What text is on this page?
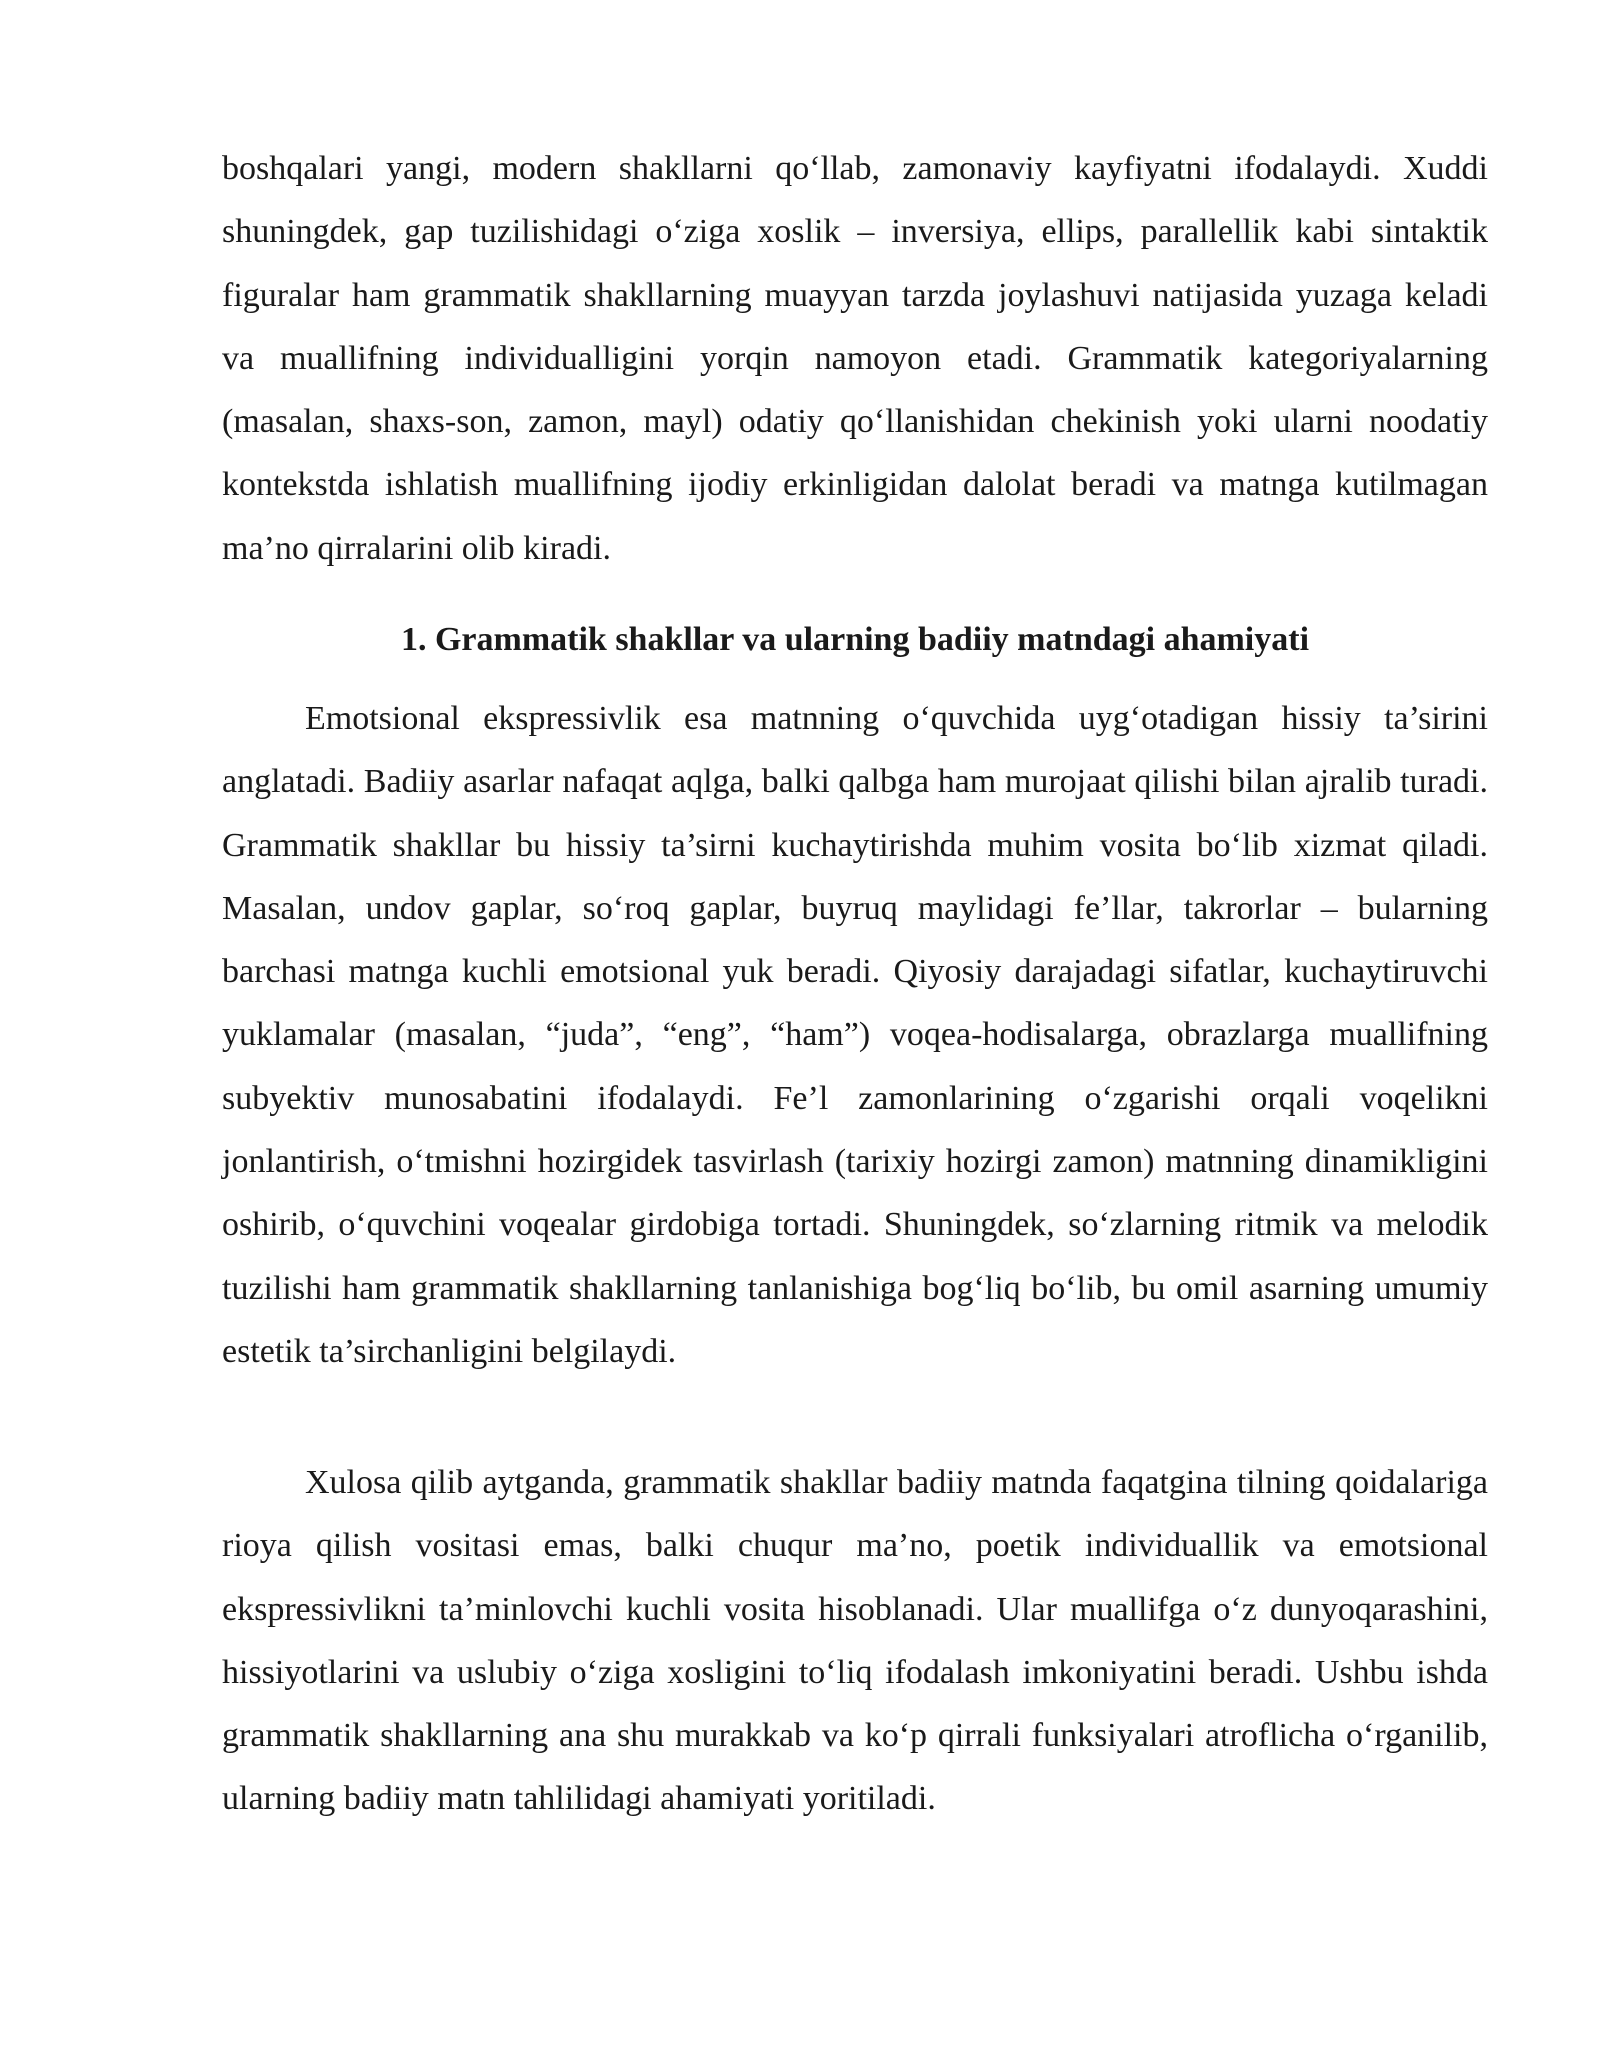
boshqalari yangi, modern shakllarni qo‘llab, zamonaviy kayfiyatni ifodalaydi. Xuddi shuningdek, gap tuzilishidagi o‘ziga xoslik – inversiya, ellips, parallellik kabi sintaktik figuralar ham grammatik shakllarning muayyan tarzda joylashuvi natijasida yuzaga keladi va muallifning individualligini yorqin namoyon etadi. Grammatik kategoriyalarning (masalan, shaxs-son, zamon, mayl) odatiy qo‘llanishidan chekinish yoki ularni noodatiy kontekstda ishlatish muallifning ijodiy erkinligidan dalolat beradi va matnga kutilmagan ma’no qirralarini olib kiradi.

1. Grammatik shakllar va ularning badiiy matndagi ahamiyati

Emotsional ekspressivlik esa matnning o‘quvchida uyg‘otadigan hissiy ta’sirini anglatadi. Badiiy asarlar nafaqat aqlga, balki qalbga ham murojaat qilishi bilan ajralib turadi. Grammatik shakllar bu hissiy ta’sirni kuchaytirishda muhim vosita bo‘lib xizmat qiladi. Masalan, undov gaplar, so‘roq gaplar, buyruq maylidagi fe’llar, takrorlar – bularning barchasi matnga kuchli emotsional yuk beradi. Qiyosiy darajadagi sifatlar, kuchaytiruvchi yuklamalar (masalan, “juda”, “eng”, “ham”) voqea-hodisalarga, obrazlarga muallifning subyektiv munosabatini ifodalaydi. Fe’l zamonlarining o‘zgarishi orqali voqelikni jonlantirish, o‘tmishni hozirgidek tasvirlash (tarixiy hozirgi zamon) matnning dinamikligini oshirib, o‘quvchini voqealar girdobiga tortadi. Shuningdek, so‘zlarning ritmik va melodik tuzilishi ham grammatik shakllarning tanlanishiga bog‘liq bo‘lib, bu omil asarning umumiy estetik ta’sirchanligini belgilaydi.

Xulosa qilib aytganda, grammatik shakllar badiiy matnda faqatgina tilning qoidalariga rioya qilish vositasi emas, balki chuqur ma’no, poetik individuallik va emotsional ekspressivlikni ta’minlovchi kuchli vosita hisoblanadi. Ular muallifga o‘z dunyoqarashini, hissiyotlarini va uslubiy o‘ziga xosligini to‘liq ifodalash imkoniyatini beradi. Ushbu ishda grammatik shakllarning ana shu murakkab va ko‘p qirrali funksiyalari atroflicha o‘rganilib, ularning badiiy matn tahlilidagi ahamiyati yoritiladi.
